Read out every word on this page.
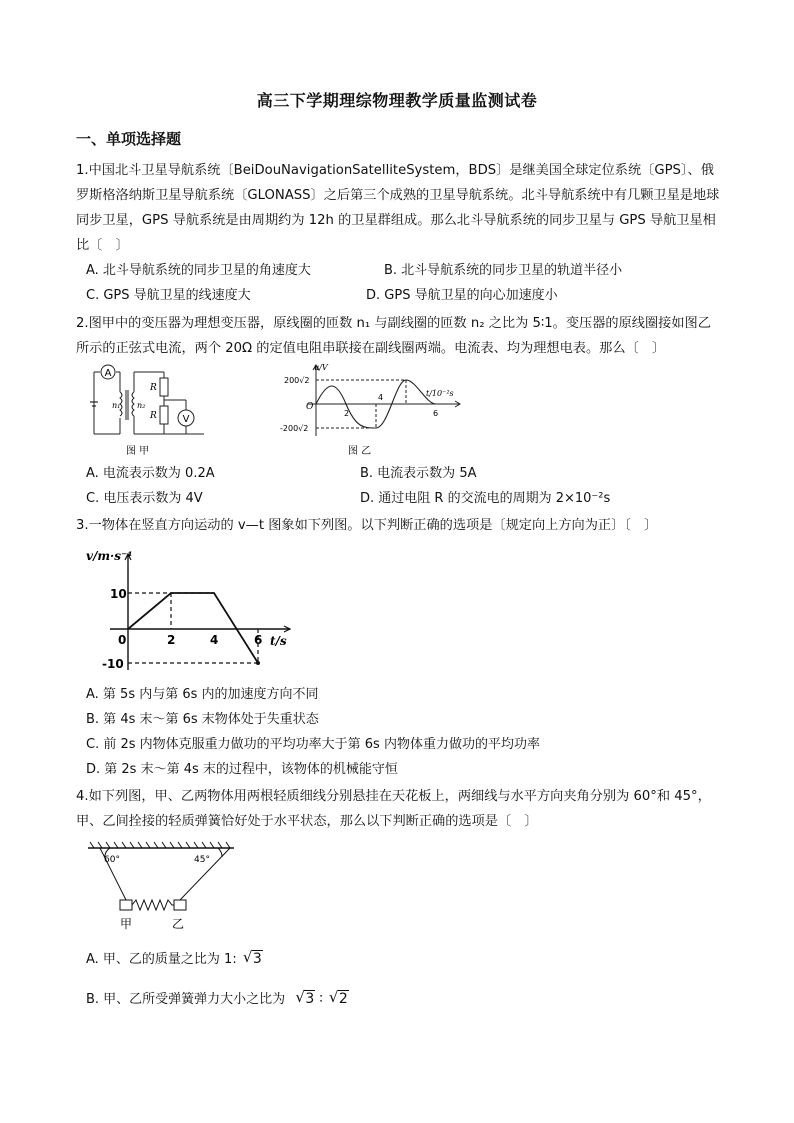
高三下学期理综物理教学质量监测试卷
一、单项选择题
1.中国北斗卫星导航系统〔BeiDouNavigationSatelliteSystem，BDS〕是继美国全球定位系统〔GPS〕、俄罗斯格洛纳斯卫星导航系统〔GLONASS〕之后第三个成熟的卫星导航系统。北斗导航系统中有几颗卫星是地球同步卫星，GPS 导航系统是由周期约为 12h 的卫星群组成。那么北斗导航系统的同步卫星与 GPS 导航卫星相比〔　〕
A. 北斗导航系统的同步卫星的角速度大	B. 北斗导航系统的同步卫星的轨道半径小
C. GPS 导航卫星的线速度大	D. GPS 导航卫星的向心加速度小
2.图甲中的变压器为理想变压器，原线圈的匝数 n₁ 与副线圈的匝数 n₂ 之比为 5∶1。变压器的原线圈接如图乙所示的正弦式电流，两个 20Ω 的定值电阻串联接在副线圈两端。电流表、均为理想电表。那么〔　〕
A
V
n₁ n₂
R
R
图 甲
u/V
t/10⁻²s
200√2
-200√2
O
2
4
6
图 乙
A. 电流表示数为 0.2A	B. 电流表示数为 5A
C. 电压表示数为 4V	D. 通过电阻 R 的交流电的周期为 2×10⁻²s
3.一物体在竖直方向运动的 v—t 图象如下列图。以下判断正确的选项是〔规定向上方向为正〕〔　〕
v/m·s⁻¹
t/s
10
-10
0	2	4	6
A. 第 5s 内与第 6s 内的加速度方向不同
B. 第 4s 末～第 6s 末物体处于失重状态
C. 前 2s 内物体克服重力做功的平均功率大于第 6s 内物体重力做功的平均功率
D. 第 2s 末～第 4s 末的过程中，该物体的机械能守恒
4.如下列图，甲、乙两物体用两根轻质细线分别悬挂在天花板上，两细线与水平方向夹角分别为 60°和 45°，甲、乙间拴接的轻质弹簧恰好处于水平状态，那么以下判断正确的选项是〔　〕
60°	45°
甲	乙
A. 甲、乙的质量之比为 1: √ 3
B. 甲、乙所受弹簧弹力大小之比为 √ 3 ∶ √ 2
